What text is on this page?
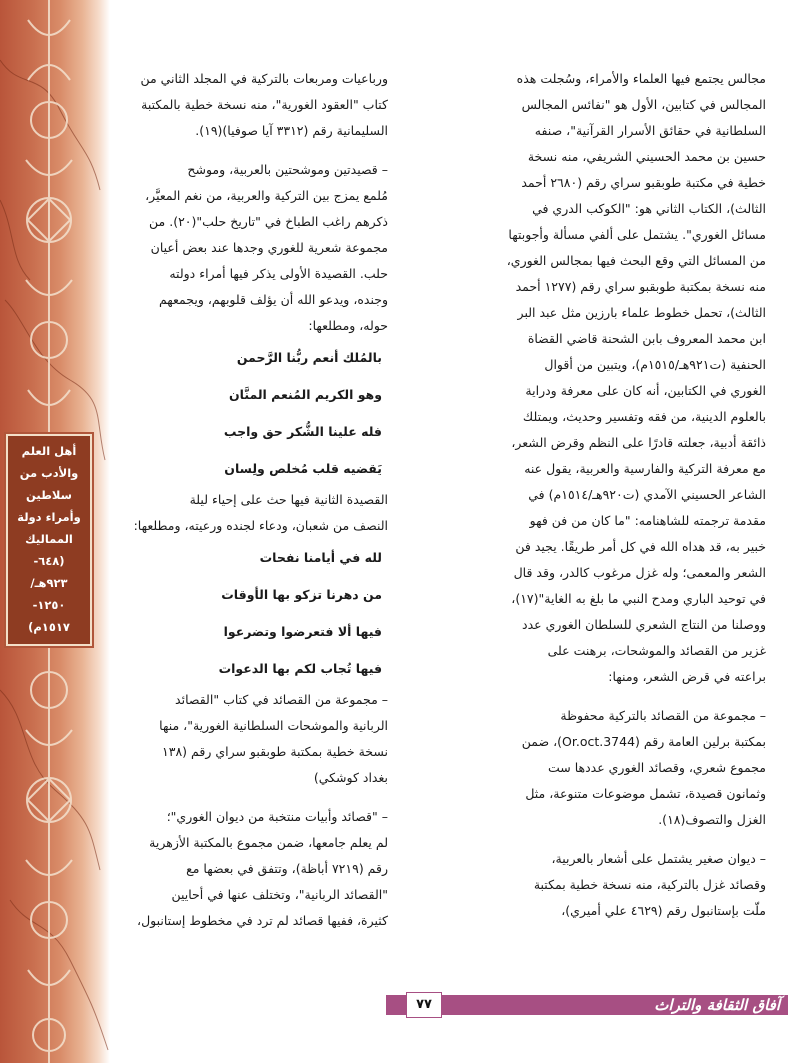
أهل العلم
والأدب من
سلاطين
وأمراء دولة
المماليك
(٦٤٨-
٩٢٣هـ/
١٢٥٠-
١٥١٧م)

مجالس يجتمع فيها العلماء والأمراء، وسُجلت هذه
المجالس في كتابين، الأول هو "نفائس المجالس
السلطانية في حقائق الأسرار القرآنية"، صنفه
حسين بن محمد الحسيني الشريفي، منه نسخة
خطية في مكتبة طوبقبو سراي رقم (٢٦٨٠ أحمد
الثالث)، الكتاب الثاني هو: "الكوكب الدري في
مسائل الغوري". يشتمل على ألفي مسألة وأجوبتها
من المسائل التي وقع البحث فيها بمجالس الغوري،
منه نسخة بمكتبة طوبقبو سراي رقم (١٢٧٧ أحمد
الثالث)، تحمل خطوط علماء بارزين مثل عبد البر
ابن محمد المعروف بابن الشحنة قاضي القضاة
الحنفية (ت٩٢١هـ/١٥١٥م)، ويتبين من أقوال
الغوري في الكتابين، أنه كان على معرفة ودراية
بالعلوم الدينية، من فقه وتفسير وحديث، ويمتلك
ذائقة أدبية، جعلته قادرًا على النظم وقرض الشعر،
مع معرفة التركية والفارسية والعربية، يقول عنه
الشاعر الحسيني الآمدي (ت٩٢٠هـ/١٥١٤م) في
مقدمة ترجمته للشاهنامه: "ما كان من فن فهو
خبير به، قد هداه الله في كل أمر طريقًا. يجيد فن
الشعر والمعمى؛ وله غزل مرغوب كالدر، وقد قال
في توحيد الباري ومدح النبي ما بلغ به الغاية"(١٧)،
ووصلنا من النتاج الشعري للسلطان الغوري عدد
غزير من القصائد والموشحات، برهنت على
براعته في قرض الشعر، ومنها:

– مجموعة من القصائد بالتركية محفوظة
بمكتبة برلين العامة رقم (Or.oct.3744)، ضمن
مجموع شعري، وقصائد الغوري عددها ست
وثمانون قصيدة، تشمل موضوعات متنوعة، مثل
الغزل والتصوف(١٨).

– ديوان صغير يشتمل على أشعار بالعربية،
وقصائد غزل بالتركية، منه نسخة خطية بمكتبة
ملّت بإستانبول رقم (٤٦٢٩ علي أميري)،

ورباعيات ومربعات بالتركية في المجلد الثاني من
كتاب "العقود الغورية"، منه نسخة خطية بالمكتبة
السليمانية رقم (٣٣١٢ آيا صوفيا)(١٩).

– قصيدتين وموشحتين بالعربية، وموشح
مُلمع يمزج بين التركية والعربية، من نغم المعيَّر،
ذكرهم راغب الطباخ في "تاريخ حلب"(٢٠). من
مجموعة شعرية للغوري وجدها عند بعض أعيان
حلب. القصيدة الأولى يذكر فيها أمراء دولته
وجنده، ويدعو الله أن يؤلف قلوبهم، ويجمعهم
حوله، ومطلعها:

بالمُلك أنعم ربُّنا الرَّحمن
وهو الكريم المُنعم المنَّان
فله علينا الشُّكر حق واجب
يَقضيه قلب مُخلص ولِسان

القصيدة الثانية فيها حث على إحياء ليلة
النصف من شعبان، ودعاء لجنده ورعيته، ومطلعها:

لله في أيامنا نفحات
من دهرنا تزكو بها الأوقات
فيها ألا فتعرضوا وتضرعوا
فيها تُجاب لكم بها الدعوات

– مجموعة من القصائد في كتاب "القصائد
الربانية والموشحات السلطانية الغورية"، منها
نسخة خطية بمكتبة طوبقبو سراي رقم (١٣٨
بغداد كوشكي)

– "قصائد وأبيات منتخبة من ديوان الغوري"؛
لم يعلم جامعها، ضمن مجموع بالمكتبة الأزهرية
رقم (٧٢١٩ أباظة)، وتتفق في بعضها مع
"القصائد الربانية"، وتختلف عنها في أحايين
كثيرة، ففيها قصائد لم ترد في مخطوط إستانبول،

٧٧	آفاق الثقافة والتراث
